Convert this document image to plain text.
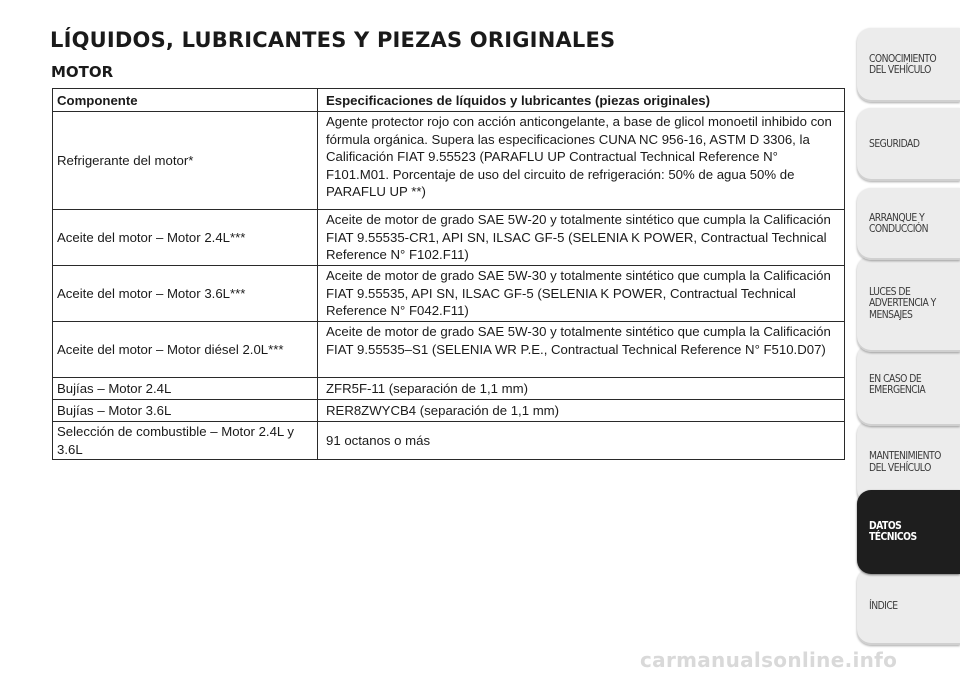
LÍQUIDOS, LUBRICANTES Y PIEZAS ORIGINALES
MOTOR
Componente	Especificaciones de líquidos y lubricantes (piezas originales)
Refrigerante del motor*	Agente protector rojo con acción anticongelante, a base de glicol monoetil inhibido con fórmula orgánica. Supera las especificaciones CUNA NC 956-16, ASTM D 3306, la Calificación FIAT 9.55523 (PARAFLU UP Contractual Technical Reference N° F101.M01. Porcentaje de uso del circuito de refrigeración: 50% de agua 50% de PARAFLU UP **)
Aceite del motor – Motor 2.4L***	Aceite de motor de grado SAE 5W-20 y totalmente sintético que cumpla la Calificación FIAT 9.55535-CR1, API SN, ILSAC GF-5 (SELENIA K POWER, Contractual Technical Reference N° F102.F11)
Aceite del motor – Motor 3.6L***	Aceite de motor de grado SAE 5W-30 y totalmente sintético que cumpla la Calificación FIAT 9.55535, API SN, ILSAC GF-5 (SELENIA K POWER, Contractual Technical Reference N° F042.F11)
Aceite del motor – Motor diésel 2.0L***	Aceite de motor de grado SAE 5W-30 y totalmente sintético que cumpla la Calificación FIAT 9.55535–S1 (SELENIA WR P.E., Contractual Technical Reference N° F510.D07)
Bujías – Motor 2.4L	ZFR5F-11 (separación de 1,1 mm)
Bujías – Motor 3.6L	RER8ZWYCB4 (separación de 1,1 mm)
Selección de combustible – Motor 2.4L y 3.6L	91 octanos o más
CONOCIMIENTO
DEL VEHÍCULO
SEGURIDAD
ARRANQUE Y
CONDUCCIÓN
LUCES DE
ADVERTENCIA Y
MENSAJES
EN CASO DE
EMERGENCIA
MANTENIMIENTO
DEL VEHÍCULO
DATOS
TÉCNICOS
ÍNDICE
carmanualsonline.info
